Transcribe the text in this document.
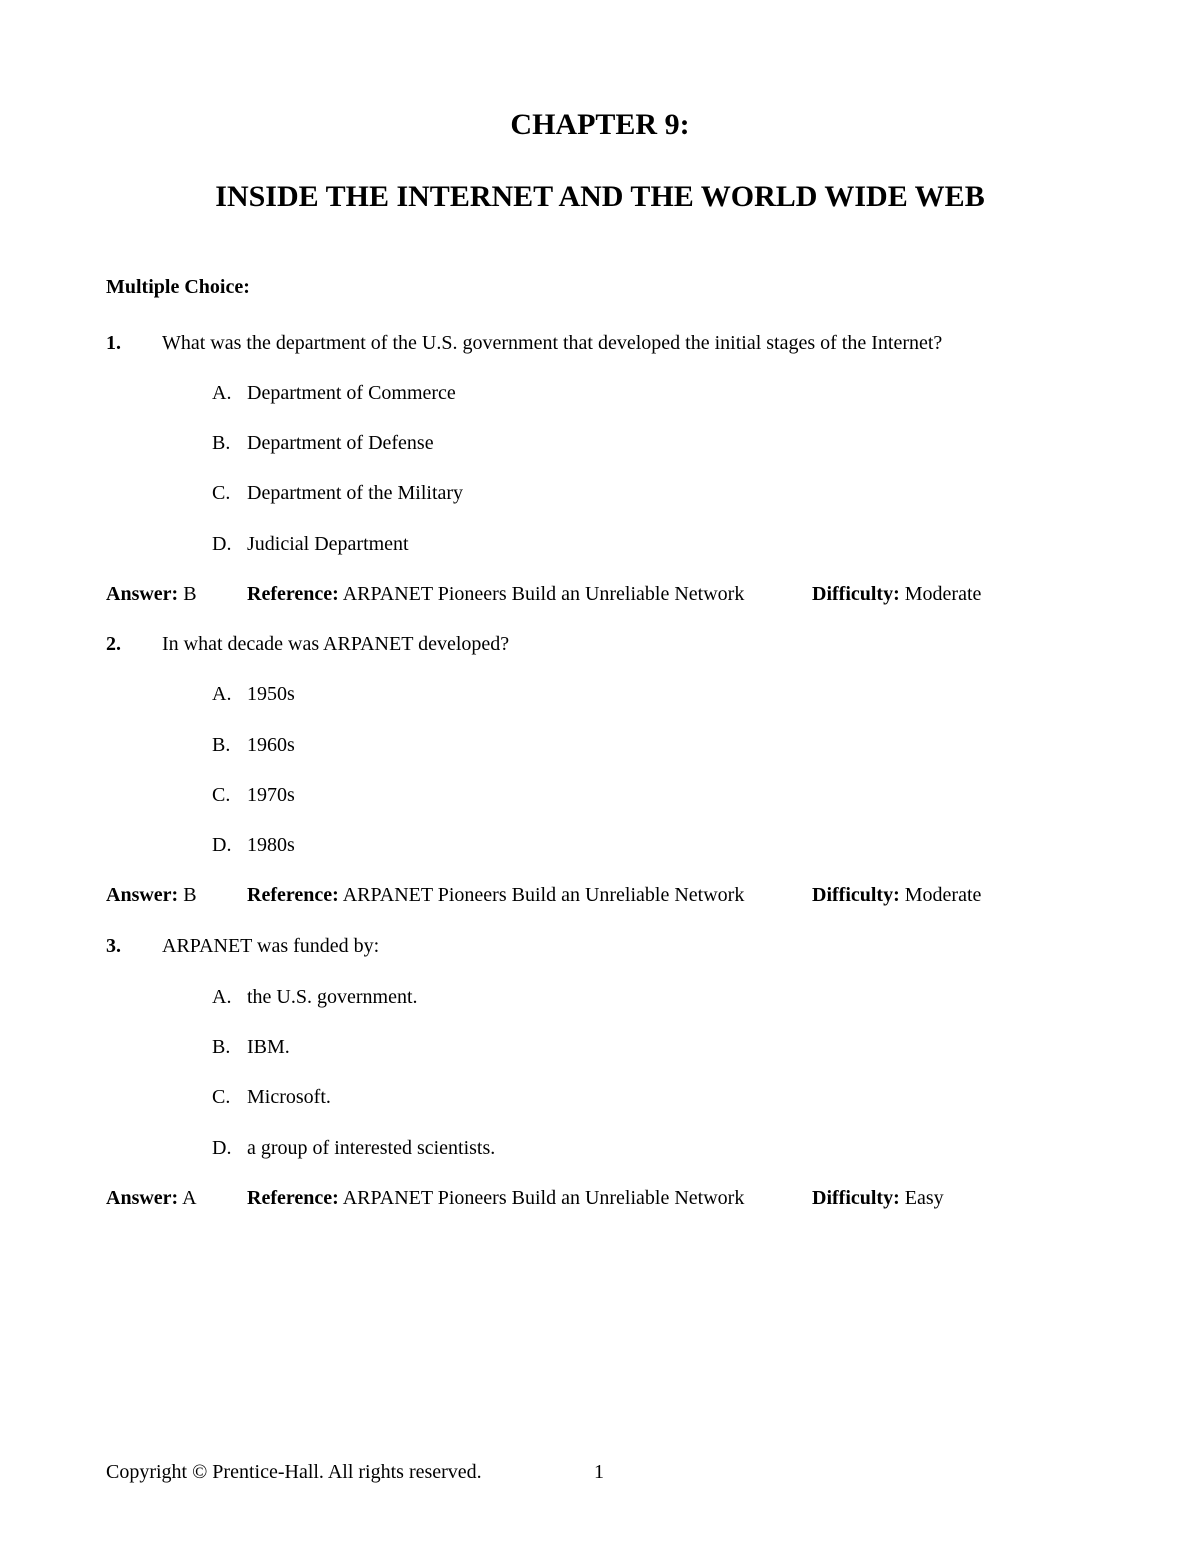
CHAPTER 9:
INSIDE THE INTERNET AND THE WORLD WIDE WEB
Multiple Choice:
1. What was the department of the U.S. government that developed the initial stages of the Internet?
A. Department of Commerce
B. Department of Defense
C. Department of the Military
D. Judicial Department
Answer: B	Reference: ARPANET Pioneers Build an Unreliable Network	Difficulty: Moderate
2. In what decade was ARPANET developed?
A. 1950s
B. 1960s
C. 1970s
D. 1980s
Answer: B	Reference: ARPANET Pioneers Build an Unreliable Network	Difficulty: Moderate
3. ARPANET was funded by:
A. the U.S. government.
B. IBM.
C. Microsoft.
D. a group of interested scientists.
Answer: A	Reference: ARPANET Pioneers Build an Unreliable Network	Difficulty: Easy
Copyright © Prentice-Hall. All rights reserved.	1
